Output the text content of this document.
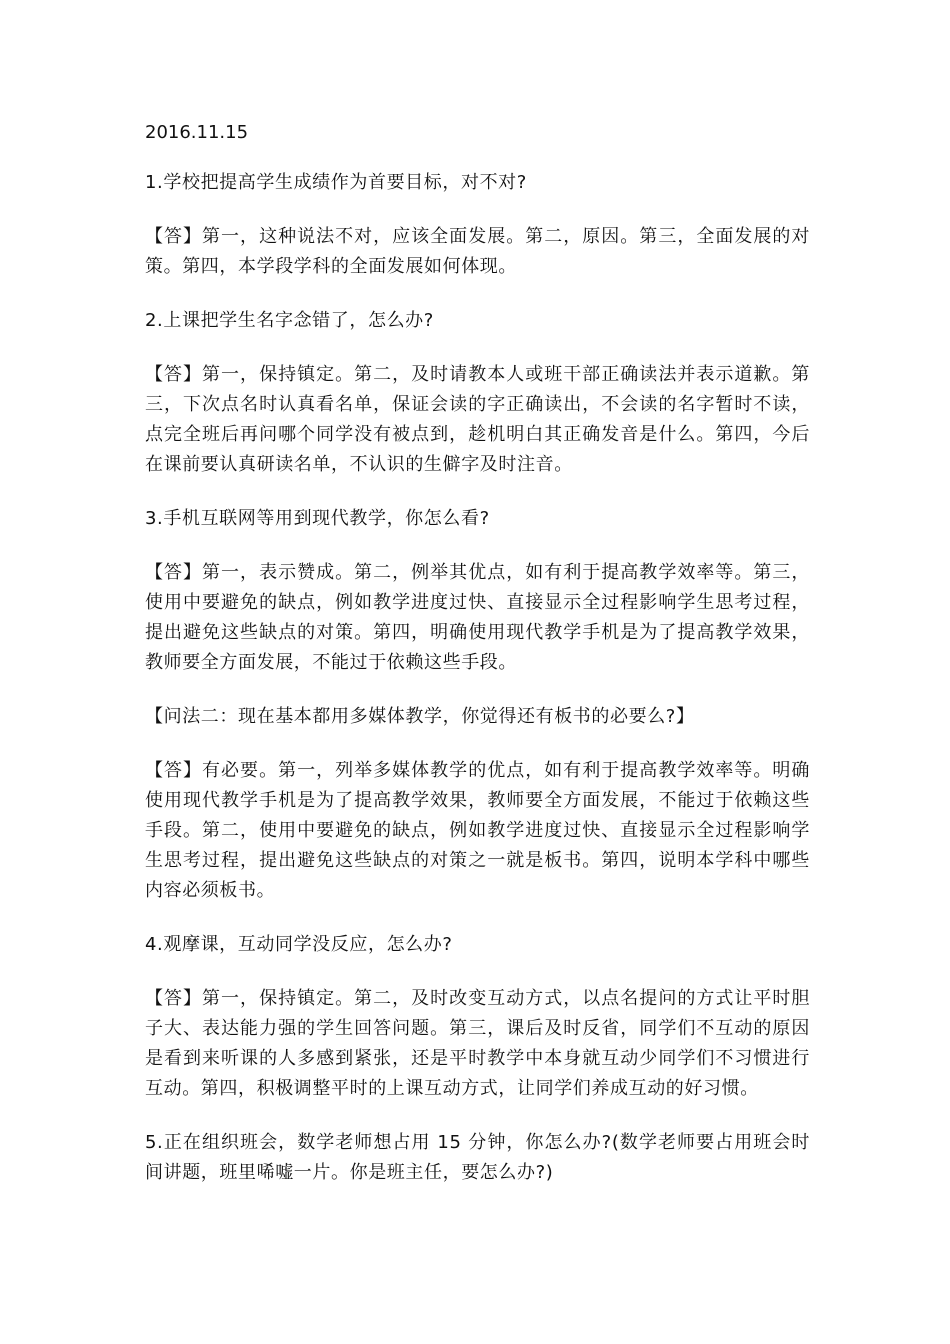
2016.11.15

1.学校把提高学生成绩作为首要目标，对不对?

【答】第一，这种说法不对，应该全面发展。第二，原因。第三，全面发展的对策。第四，本学段学科的全面发展如何体现。

2.上课把学生名字念错了，怎么办?

【答】第一，保持镇定。第二，及时请教本人或班干部正确读法并表示道歉。第三，下次点名时认真看名单，保证会读的字正确读出，不会读的名字暂时不读，点完全班后再问哪个同学没有被点到，趁机明白其正确发音是什么。第四，今后在课前要认真研读名单，不认识的生僻字及时注音。

3.手机互联网等用到现代教学，你怎么看?

【答】第一，表示赞成。第二，例举其优点，如有利于提高教学效率等。第三，使用中要避免的缺点，例如教学进度过快、直接显示全过程影响学生思考过程，提出避免这些缺点的对策。第四，明确使用现代教学手机是为了提高教学效果，教师要全方面发展，不能过于依赖这些手段。

【问法二：现在基本都用多媒体教学，你觉得还有板书的必要么?】

【答】有必要。第一，列举多媒体教学的优点，如有利于提高教学效率等。明确使用现代教学手机是为了提高教学效果，教师要全方面发展，不能过于依赖这些手段。第二，使用中要避免的缺点，例如教学进度过快、直接显示全过程影响学生思考过程，提出避免这些缺点的对策之一就是板书。第四，说明本学科中哪些内容必须板书。

4.观摩课，互动同学没反应，怎么办?

【答】第一，保持镇定。第二，及时改变互动方式，以点名提问的方式让平时胆子大、表达能力强的学生回答问题。第三，课后及时反省，同学们不互动的原因是看到来听课的人多感到紧张，还是平时教学中本身就互动少同学们不习惯进行互动。第四，积极调整平时的上课互动方式，让同学们养成互动的好习惯。

5.正在组织班会，数学老师想占用 15 分钟，你怎么办?(数学老师要占用班会时间讲题，班里唏嘘一片。你是班主任，要怎么办?)
